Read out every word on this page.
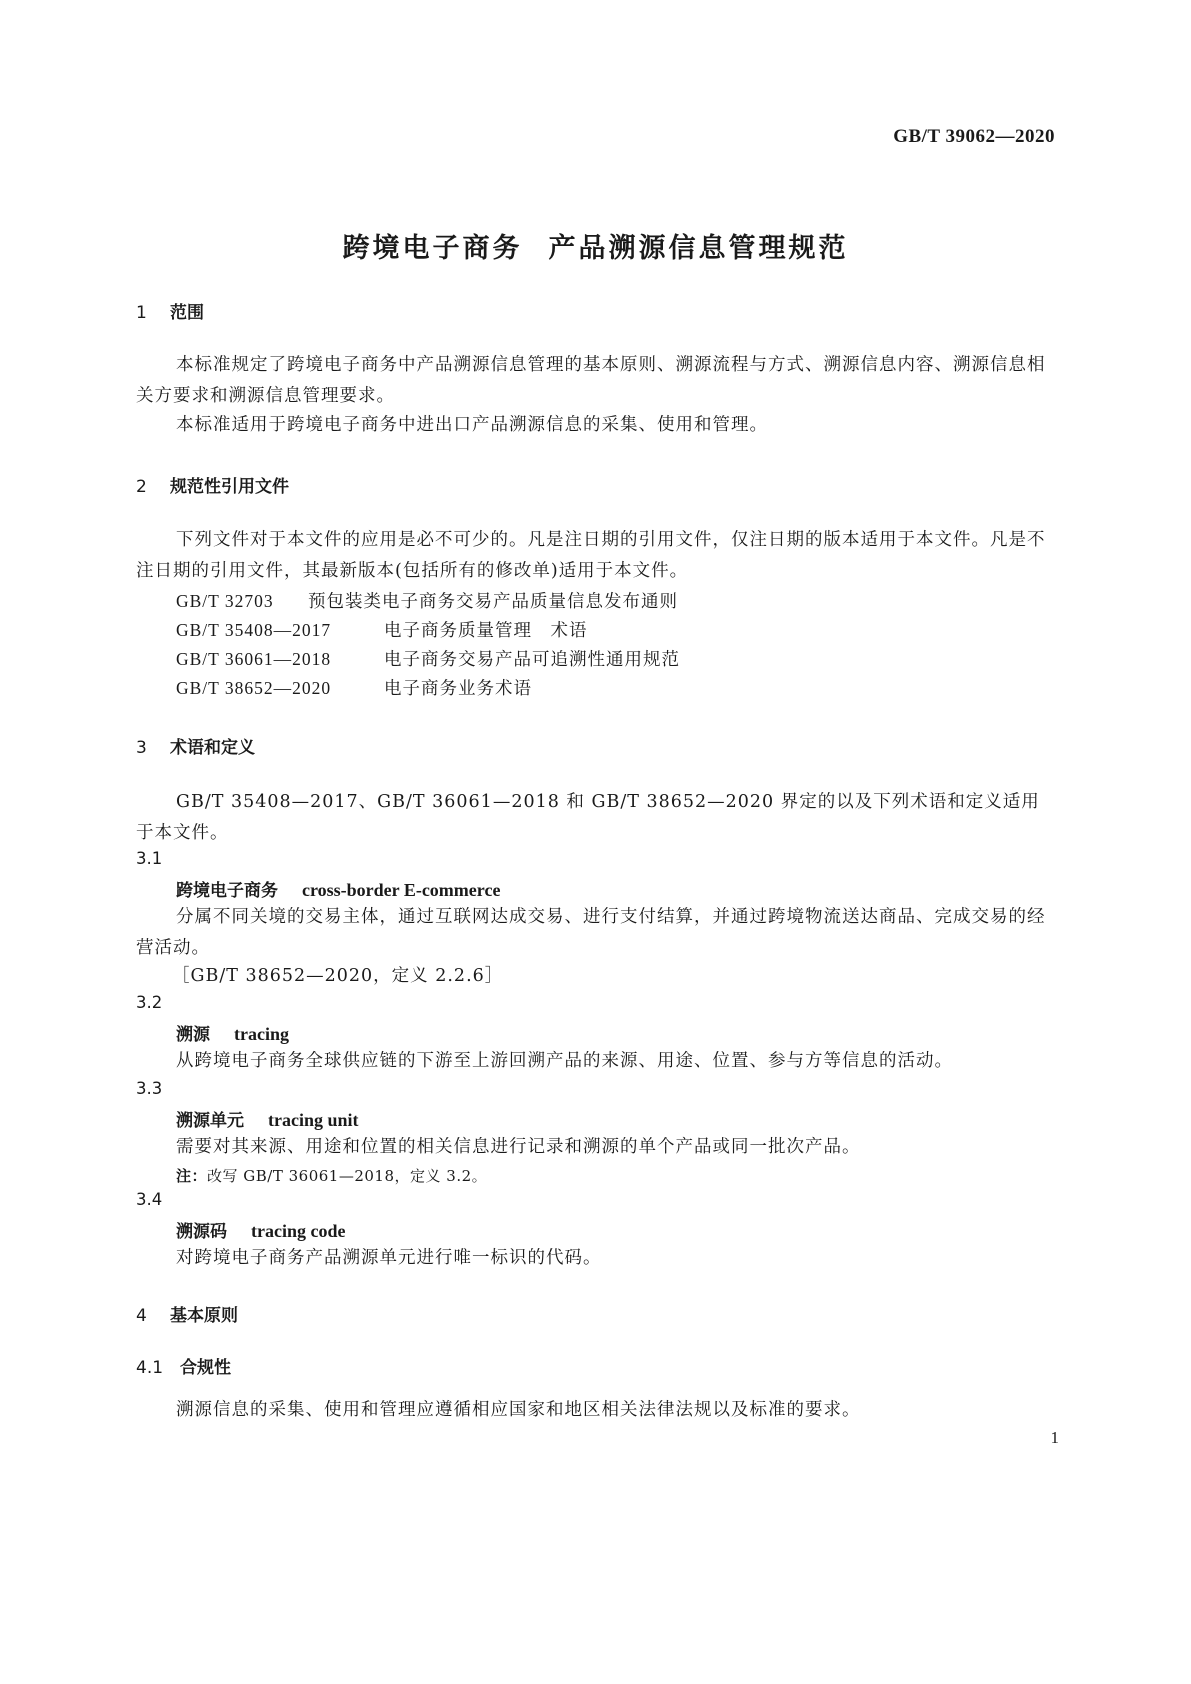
GB/T 39062—2020
跨境电子商务 产品溯源信息管理规范
1 范围
本标准规定了跨境电子商务中产品溯源信息管理的基本原则、溯源流程与方式、溯源信息内容、溯源信息相关方要求和溯源信息管理要求。
本标准适用于跨境电子商务中进出口产品溯源信息的采集、使用和管理。
2 规范性引用文件
下列文件对于本文件的应用是必不可少的。凡是注日期的引用文件，仅注日期的版本适用于本文件。凡是不注日期的引用文件，其最新版本(包括所有的修改单)适用于本文件。
GB/T 32703 预包装类电子商务交易产品质量信息发布通则
GB/T 35408—2017	电子商务质量管理　术语
GB/T 36061—2018	电子商务交易产品可追溯性通用规范
GB/T 38652—2020	电子商务业务术语
3 术语和定义
GB/T 35408—2017、GB/T 36061—2018 和 GB/T 38652—2020 界定的以及下列术语和定义适用于本文件。
3.1
跨境电子商务 cross-border E-commerce
分属不同关境的交易主体，通过互联网达成交易、进行支付结算，并通过跨境物流送达商品、完成交易的经营活动。
［GB/T 38652—2020，定义 2.2.6］
3.2
溯源 tracing
从跨境电子商务全球供应链的下游至上游回溯产品的来源、用途、位置、参与方等信息的活动。
3.3
溯源单元 tracing unit
需要对其来源、用途和位置的相关信息进行记录和溯源的单个产品或同一批次产品。
注：改写 GB/T 36061—2018，定义 3.2。
3.4
溯源码 tracing code
对跨境电子商务产品溯源单元进行唯一标识的代码。
4 基本原则
4.1 合规性
溯源信息的采集、使用和管理应遵循相应国家和地区相关法律法规以及标准的要求。
1
